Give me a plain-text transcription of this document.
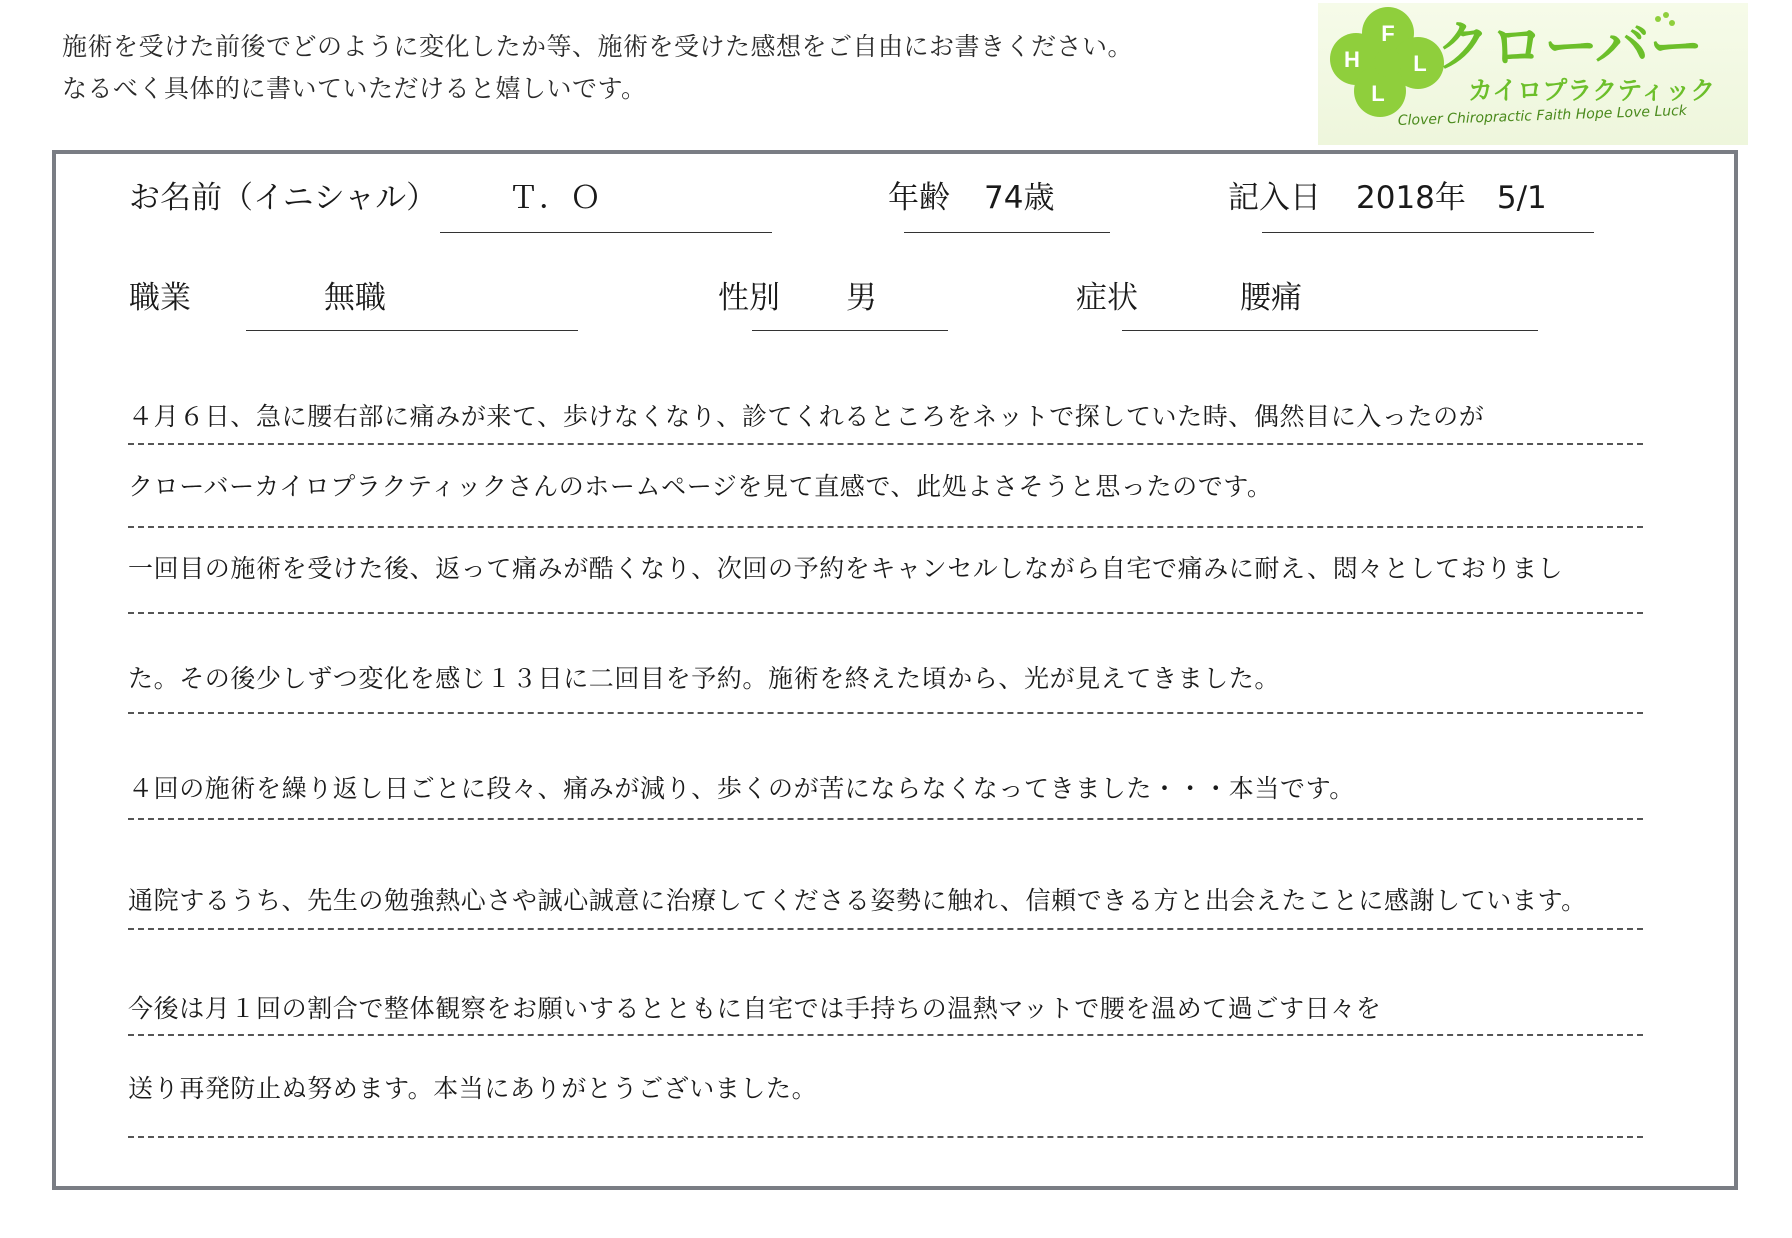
施術を受けた前後でどのように変化したか等、施術を受けた感想をご自由にお書きください。
なるべく具体的に書いていただけると嬉しいです。
F
H L
L
クローバー
カイロプラクティック
Clover Chiropractic Faith Hope Love Luck
お名前（イニシャル） Ｔ．Ｏ	年齢 74歳	記入日 2018年　5/1
職業	無職	性別 男	症状	腰痛
４月６日、急に腰右部に痛みが来て、歩けなくなり、診てくれるところをネットで探していた時、偶然目に入ったのが
クローバーカイロプラクティックさんのホームページを見て直感で、此処よさそうと思ったのです。
一回目の施術を受けた後、返って痛みが酷くなり、次回の予約をキャンセルしながら自宅で痛みに耐え、悶々としておりまし
た。その後少しずつ変化を感じ１３日に二回目を予約。施術を終えた頃から、光が見えてきました。
４回の施術を繰り返し日ごとに段々、痛みが減り、歩くのが苦にならなくなってきました・・・本当です。
通院するうち、先生の勉強熱心さや誠心誠意に治療してくださる姿勢に触れ、信頼できる方と出会えたことに感謝しています。
今後は月１回の割合で整体観察をお願いするとともに自宅では手持ちの温熱マットで腰を温めて過ごす日々を
送り再発防止ぬ努めます。本当にありがとうございました。
